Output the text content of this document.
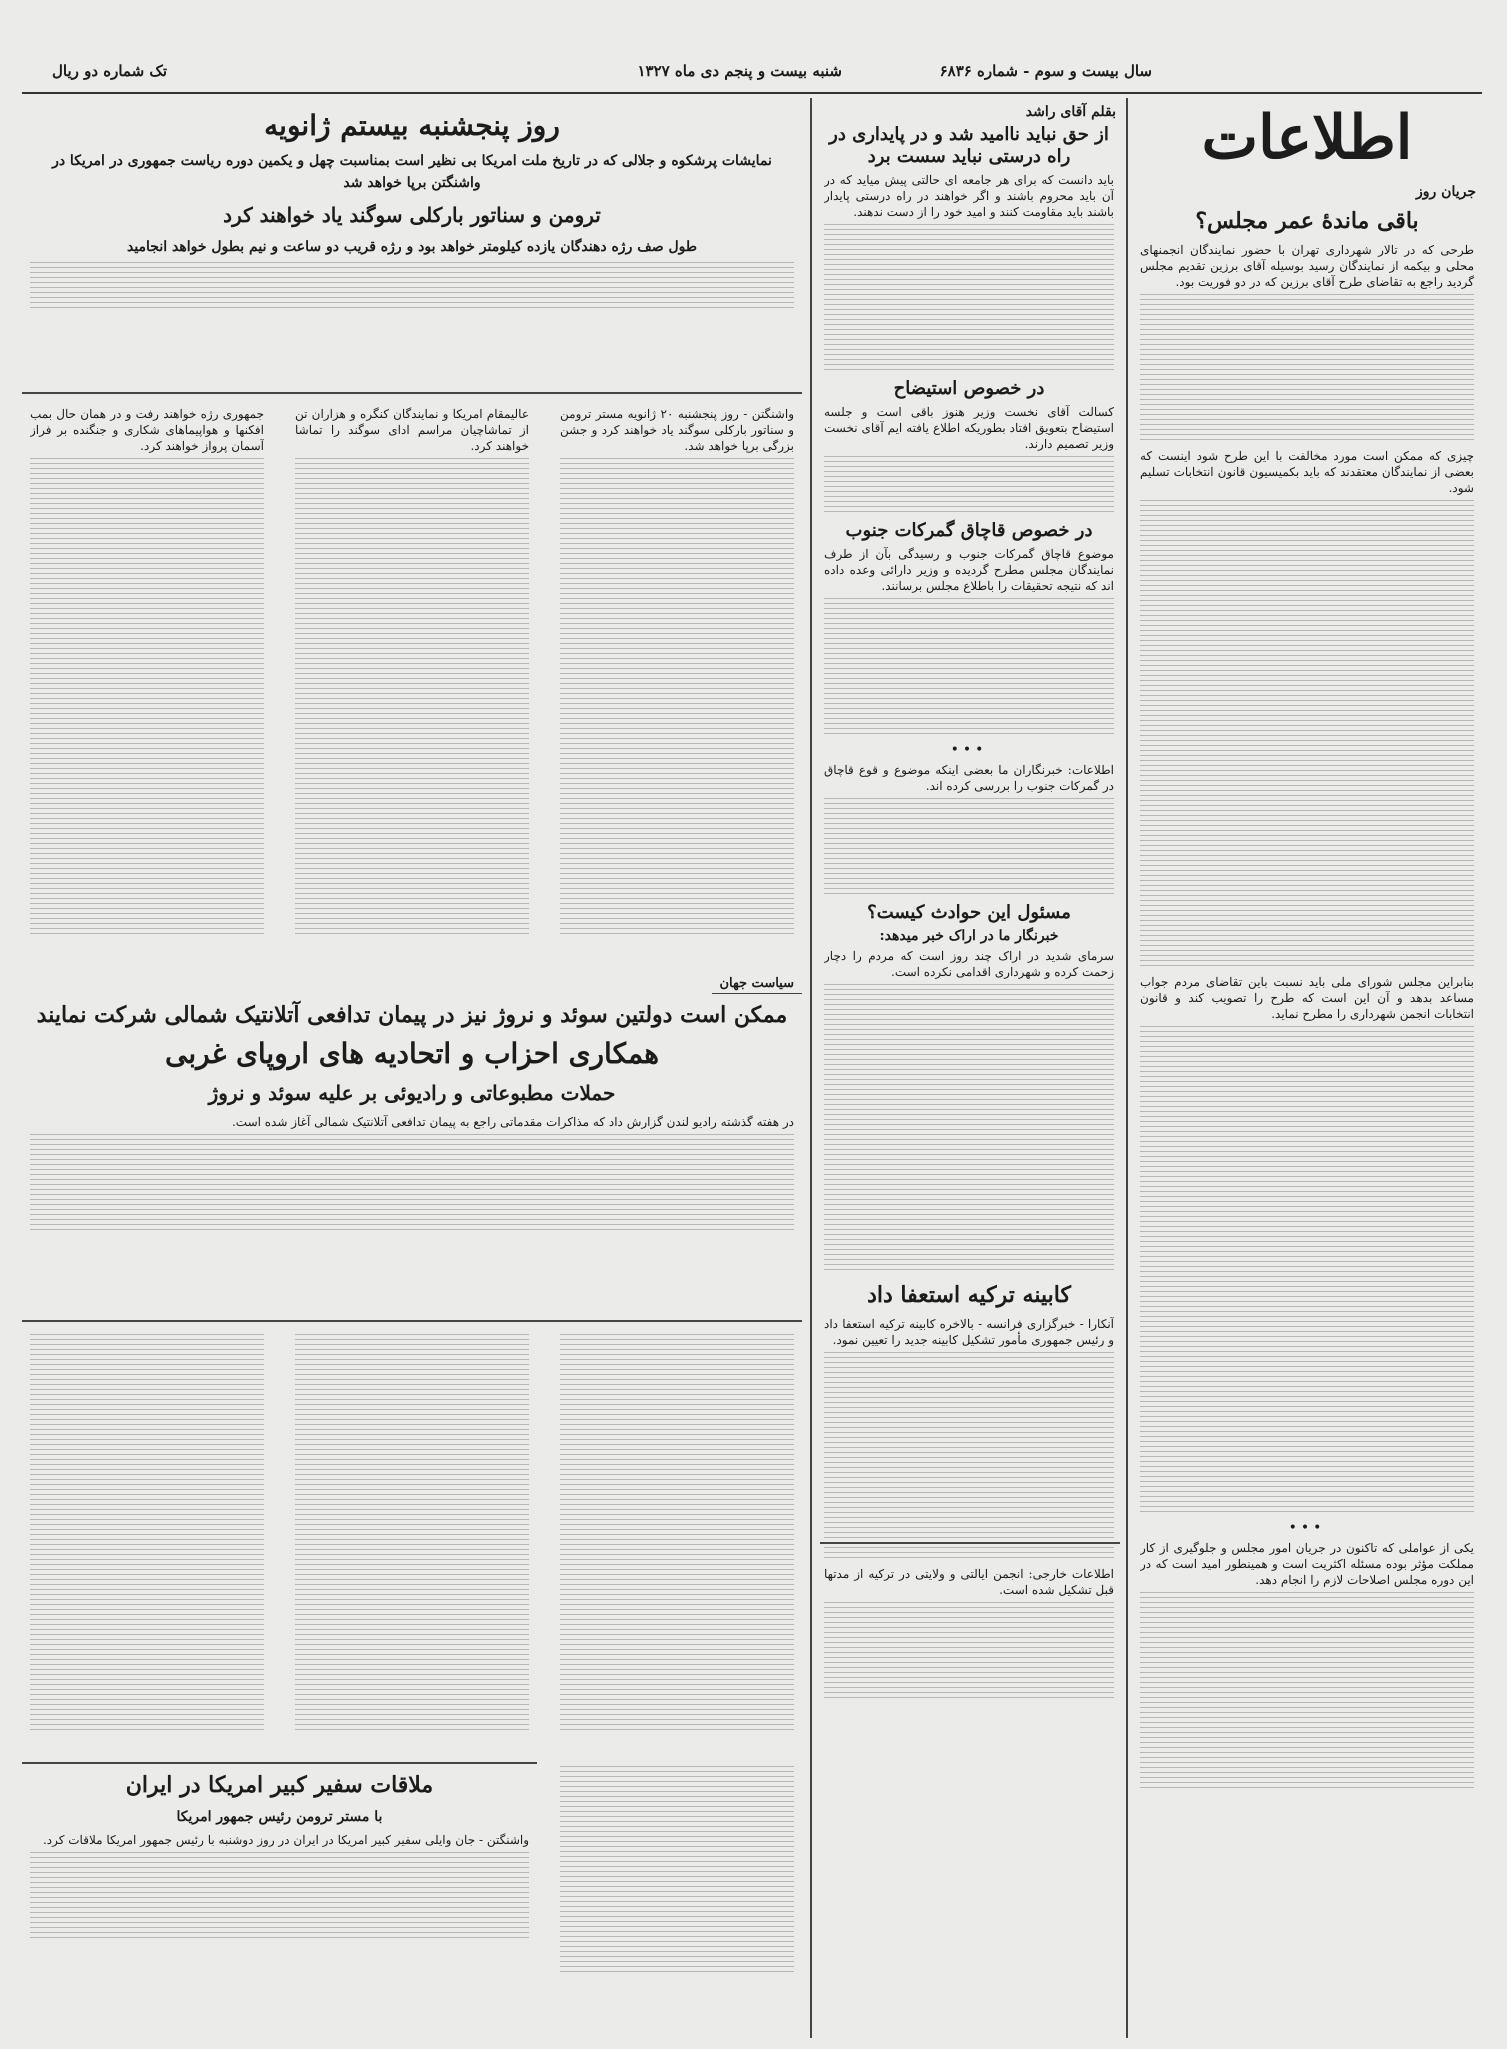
سال بیست و سوم - شماره ۶۸۳۶
شنبه بیست و پنجم دی ماه ۱۳۲۷
تک شماره دو ریال
اطلاعات
جریان روز
باقی ماندهٔ عمر مجلس؟
طرحی که در تالار شهرداری تهران با حضور نمایندگان انجمنهای محلی و بیکمه از نمایندگان رسید بوسیله آقای برزین تقدیم مجلس گردید راجع به تقاضای طرح آقای برزین که در دو فوریت بود.
چیزی که ممکن است مورد مخالفت با این طرح شود اینست که بعضی از نمایندگان معتقدند که باید بکمیسیون قانون انتخابات تسلیم شود.
بنابراین مجلس شورای ملی باید نسبت باین تقاضای مردم جواب مساعد بدهد و آن این است که طرح را تصویب کند و قانون انتخابات انجمن شهرداری را مطرح نماید.
•••
یکی از عواملی که تاکنون در جریان امور مجلس و جلوگیری از کار مملکت مؤثر بوده مسئله اکثریت است و همینطور امید است که در این دوره مجلس اصلاحات لازم را انجام دهد.
بقلم آقای راشد
از حق نباید ناامید شد و در پایداری در راه درستی نباید سست برد
باید دانست که برای هر جامعه ای حالتی پیش میاید که در آن باید محروم باشند و اگر خواهند در راه درستی پایدار باشند باید مقاومت کنند و امید خود را از دست ندهند.
در خصوص استیضاح
کسالت آقای نخست وزیر هنوز باقی است و جلسه استیضاح بتعویق افتاد بطوریکه اطلاع یافته ایم آقای نخست وزیر تصمیم دارند.
در خصوص قاچاق گمرکات جنوب
موضوع قاچاق گمرکات جنوب و رسیدگی بآن از طرف نمایندگان مجلس مطرح گردیده و وزیر دارائی وعده داده اند که نتیجه تحقیقات را باطلاع مجلس برسانند.
•••
اطلاعات: خبرنگاران ما بعضی اینکه موضوع و قوع قاچاق در گمرکات جنوب را بررسی کرده اند.
مسئول این حوادث کیست؟
خبرنگار ما در اراک خبر میدهد:
سرمای شدید در اراک چند روز است که مردم را دچار زحمت کرده و شهرداری اقدامی نکرده است.
کابینه ترکیه استعفا داد
آنکارا - خبرگزاری فرانسه - بالاخره کابینه ترکیه استعفا داد و رئیس جمهوری مأمور تشکیل کابینه جدید را تعیین نمود.
اطلاعات خارجی: انجمن ایالتی و ولایتی در ترکیه از مدتها قبل تشکیل شده است.
روز پنجشنبه بیستم ژانویه
نمایشات پرشکوه و جلالی که در تاریخ ملت امریکا بی نظیر است بمناسبت چهل و یکمین دوره ریاست جمهوری در امریکا در واشنگتن برپا خواهد شد
ترومن و سناتور بارکلی سوگند یاد خواهند کرد
طول صف رژه دهندگان یازده کیلومتر خواهد بود و رژه قریب دو ساعت و نیم بطول خواهد انجامید
واشنگتن - روز پنجشنبه ۲۰ ژانویه مستر ترومن و سناتور بارکلی سوگند یاد خواهند کرد و جشن بزرگی برپا خواهد شد.
عالیمقام امریکا و نمایندگان کنگره و هزاران تن از تماشاچیان مراسم ادای سوگند را تماشا خواهند کرد.
جمهوری رژه خواهند رفت و در همان حال بمب افکنها و هواپیماهای شکاری و جنگنده بر فراز آسمان پرواز خواهند کرد.
سیاست جهان
ممکن است دولتین سوئد و نروژ نیز در پیمان تدافعی آتلانتیک شمالی شرکت نمایند
همکاری احزاب و اتحادیه های اروپای غربی
حملات مطبوعاتی و رادیوئی بر علیه سوئد و نروژ
در هفته گذشته رادیو لندن گزارش داد که مذاکرات مقدماتی راجع به پیمان تدافعی آتلانتیک شمالی آغاز شده است.
ملاقات سفیر کبیر امریکا در ایران
با مستر ترومن رئیس جمهور امریکا
واشنگتن - جان وایلی سفیر کبیر امریکا در ایران در روز دوشنبه با رئیس جمهور امریکا ملاقات کرد.
